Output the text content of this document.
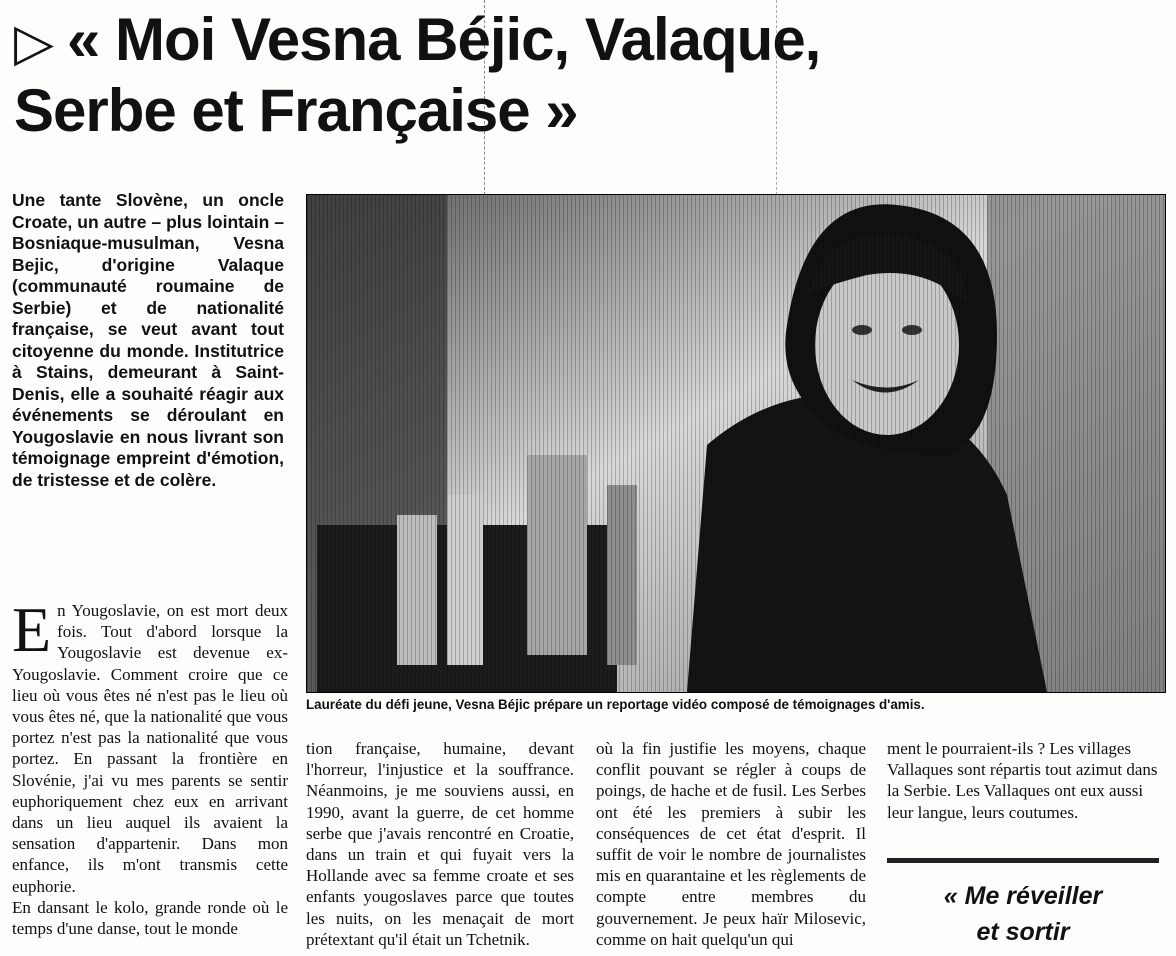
▷ « Moi Vesna Béjic, Valaque,
Serbe et Française »

Une tante Slovène, un oncle Croate, un autre – plus lointain – Bosniaque-musulman, Vesna Bejic, d'origine Valaque (communauté roumaine de Serbie) et de nationalité française, se veut avant tout citoyenne du monde. Institutrice à Stains, demeurant à Saint-Denis, elle a souhaité réagir aux événements se déroulant en Yougoslavie en nous livrant son témoignage empreint d'émotion, de tristesse et de colère.

Lauréate du défi jeune, Vesna Béjic prépare un reportage vidéo composé de témoignages d'amis.

En Yougoslavie, on est mort deux fois. Tout d'abord lorsque la Yougoslavie est devenue ex-Yougoslavie. Comment croire que ce lieu où vous êtes né n'est pas le lieu où vous êtes né, que la nationalité que vous portez n'est pas la nationalité que vous portez. En passant la frontière en Slovénie, j'ai vu mes parents se sentir euphoriquement chez eux en arrivant dans un lieu auquel ils avaient la sensation d'appartenir. Dans mon enfance, ils m'ont transmis cette euphorie.

En dansant le kolo, grande ronde où le temps d'une danse, tout le monde

tion française, humaine, devant l'horreur, l'injustice et la souffrance. Néanmoins, je me souviens aussi, en 1990, avant la guerre, de cet homme serbe que j'avais rencontré en Croatie, dans un train et qui fuyait vers la Hollande avec sa femme croate et ses enfants yougoslaves parce que toutes les nuits, on les menaçait de mort prétextant qu'il était un Tchetnik.

où la fin justifie les moyens, chaque conflit pouvant se régler à coups de poings, de hache et de fusil. Les Serbes ont été les premiers à subir les conséquences de cet état d'esprit. Il suffit de voir le nombre de journalistes mis en quarantaine et les règlements de compte entre membres du gouvernement. Je peux haïr Milosevic, comme on hait quelqu'un qui

ment le pourraient-ils ? Les villages Vallaques sont répartis tout azimut dans la Serbie. Les Vallaques ont eux aussi leur langue, leurs coutumes.

« Me réveiller
et sortir
